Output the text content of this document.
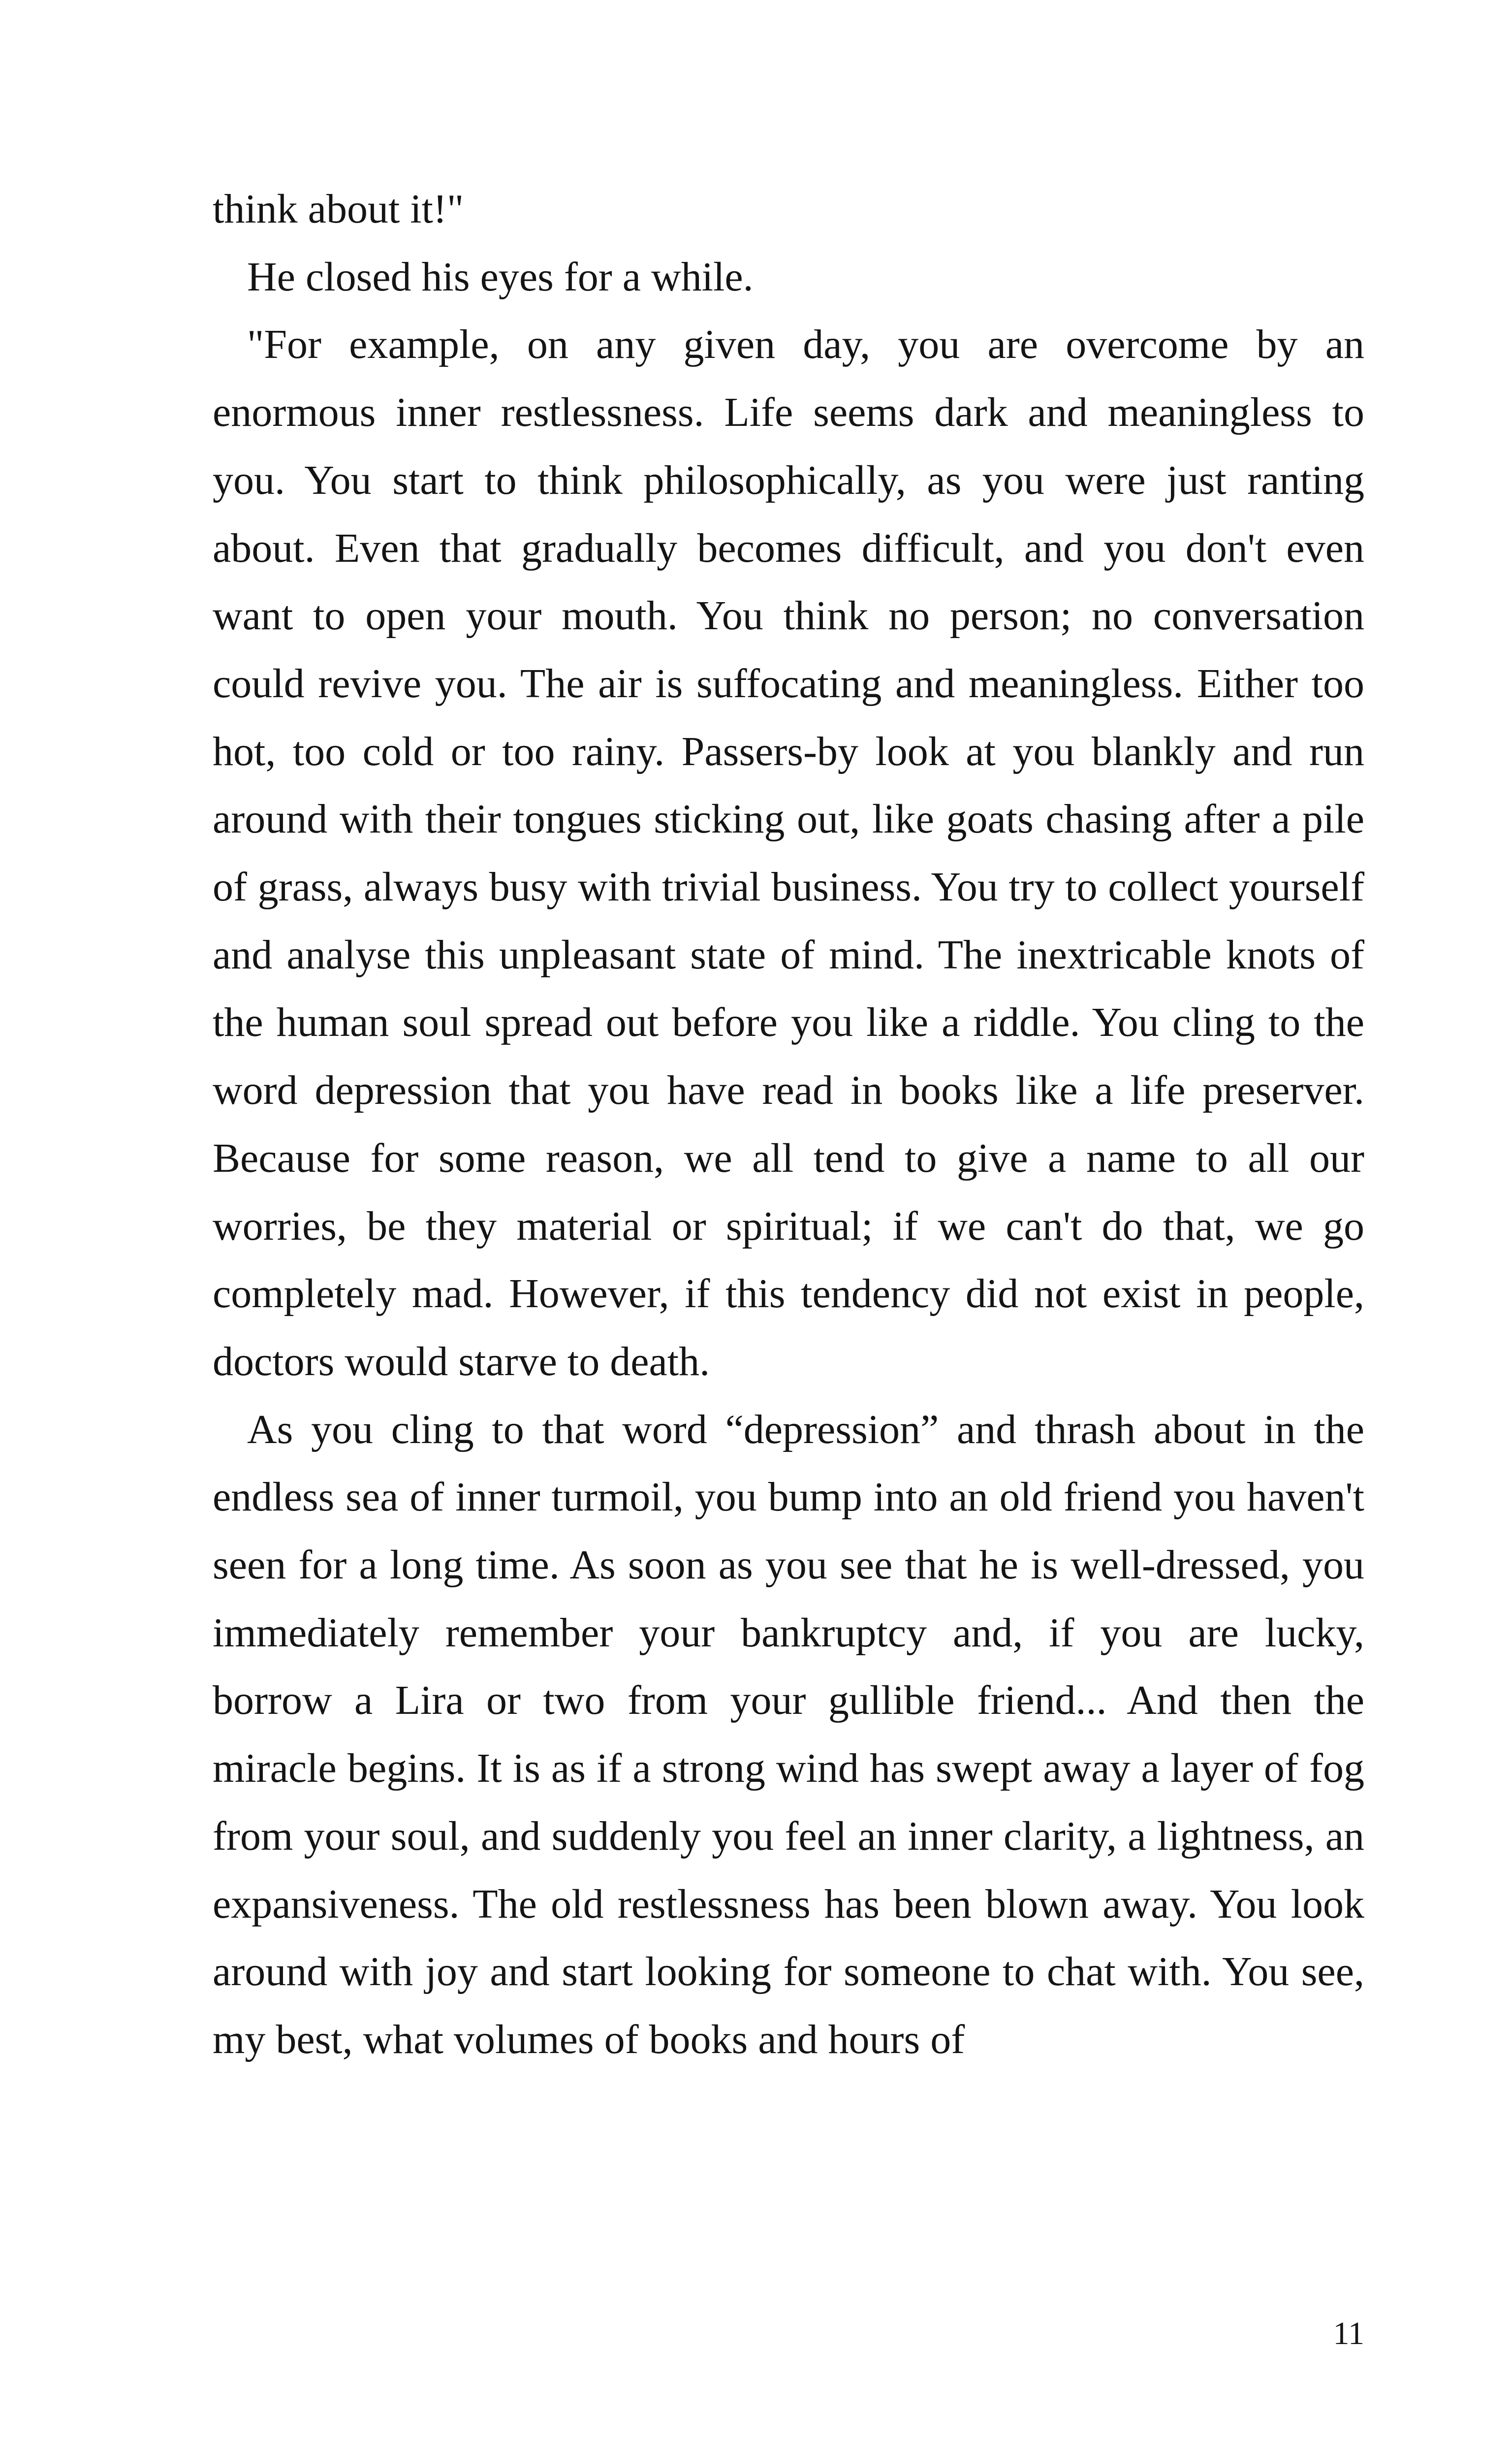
think about it!"

He closed his eyes for a while.

"For example, on any given day, you are overcome by an enormous inner restlessness. Life seems dark and meaningless to you. You start to think philosophically, as you were just ranting about. Even that gradually becomes difficult, and you don't even want to open your mouth. You think no person; no conversation could revive you. The air is suffocating and meaningless. Either too hot, too cold or too rainy. Passers-by look at you blankly and run around with their tongues sticking out, like goats chasing after a pile of grass, always busy with trivial business. You try to collect yourself and analyse this unpleasant state of mind. The inextricable knots of the human soul spread out before you like a riddle. You cling to the word depression that you have read in books like a life preserver. Because for some reason, we all tend to give a name to all our worries, be they material or spiritual; if we can't do that, we go completely mad. However, if this tendency did not exist in people, doctors would starve to death.

As you cling to that word “depression” and thrash about in the endless sea of inner turmoil, you bump into an old friend you haven't seen for a long time. As soon as you see that he is well-dressed, you immediately remember your bankruptcy and, if you are lucky, borrow a Lira or two from your gullible friend... And then the miracle begins. It is as if a strong wind has swept away a layer of fog from your soul, and suddenly you feel an inner clarity, a lightness, an expansiveness. The old restlessness has been blown away. You look around with joy and start looking for someone to chat with. You see, my best, what volumes of books and hours of

11
